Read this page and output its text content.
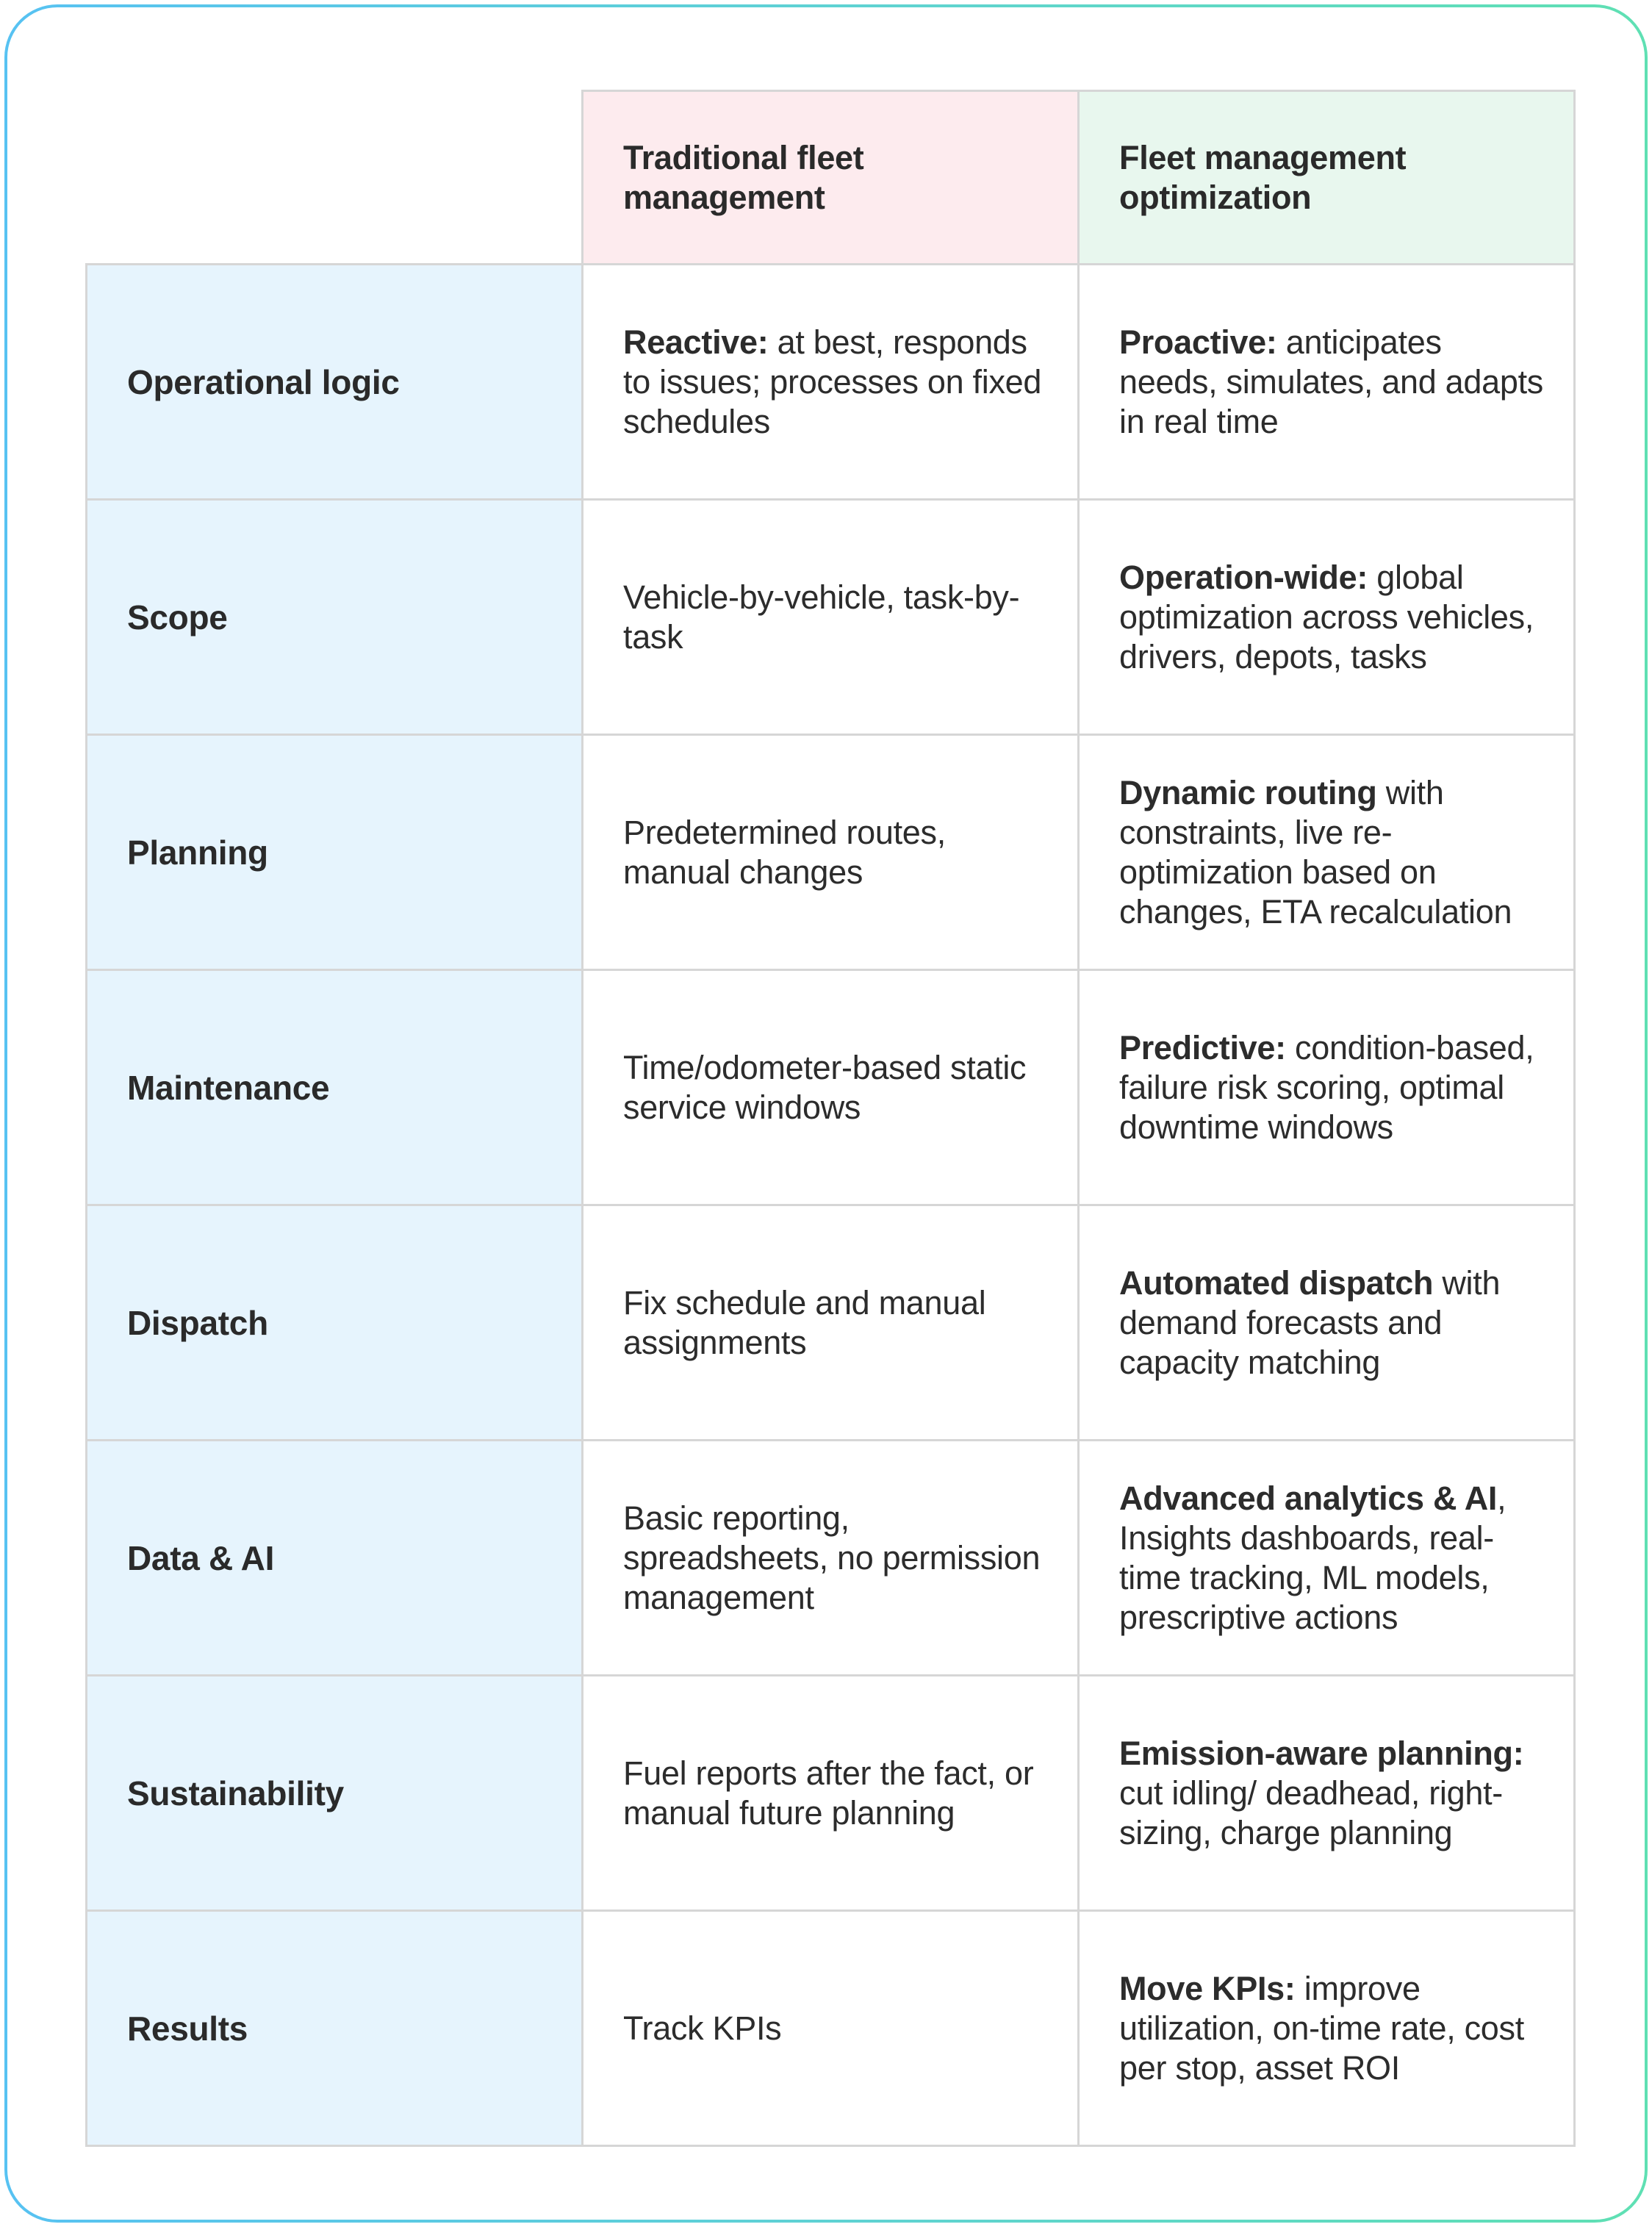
	Traditional fleet management	Fleet management optimization
Operational logic	Reactive: at best, responds to issues; processes on fixed schedules	Proactive: anticipates needs, simulates, and adapts in real time
Scope	Vehicle-by-vehicle, task-by-task	Operation-wide: global optimization across vehicles, drivers, depots, tasks
Planning	Predetermined routes, manual changes	Dynamic routing with constraints, live re-optimization based on changes, ETA recalculation
Maintenance	Time/odometer-based static service windows	Predictive: condition-based, failure risk scoring, optimal downtime windows
Dispatch	Fix schedule and manual assignments	Automated dispatch with demand forecasts and capacity matching
Data & AI	Basic reporting, spreadsheets, no permission management	Advanced analytics & AI, Insights dashboards, real-time tracking, ML models, prescriptive actions
Sustainability	Fuel reports after the fact, or manual future planning	Emission-aware planning: cut idling/ deadhead, right-sizing, charge planning
Results	Track KPIs	Move KPIs: improve utilization, on-time rate, cost per stop, asset ROI
